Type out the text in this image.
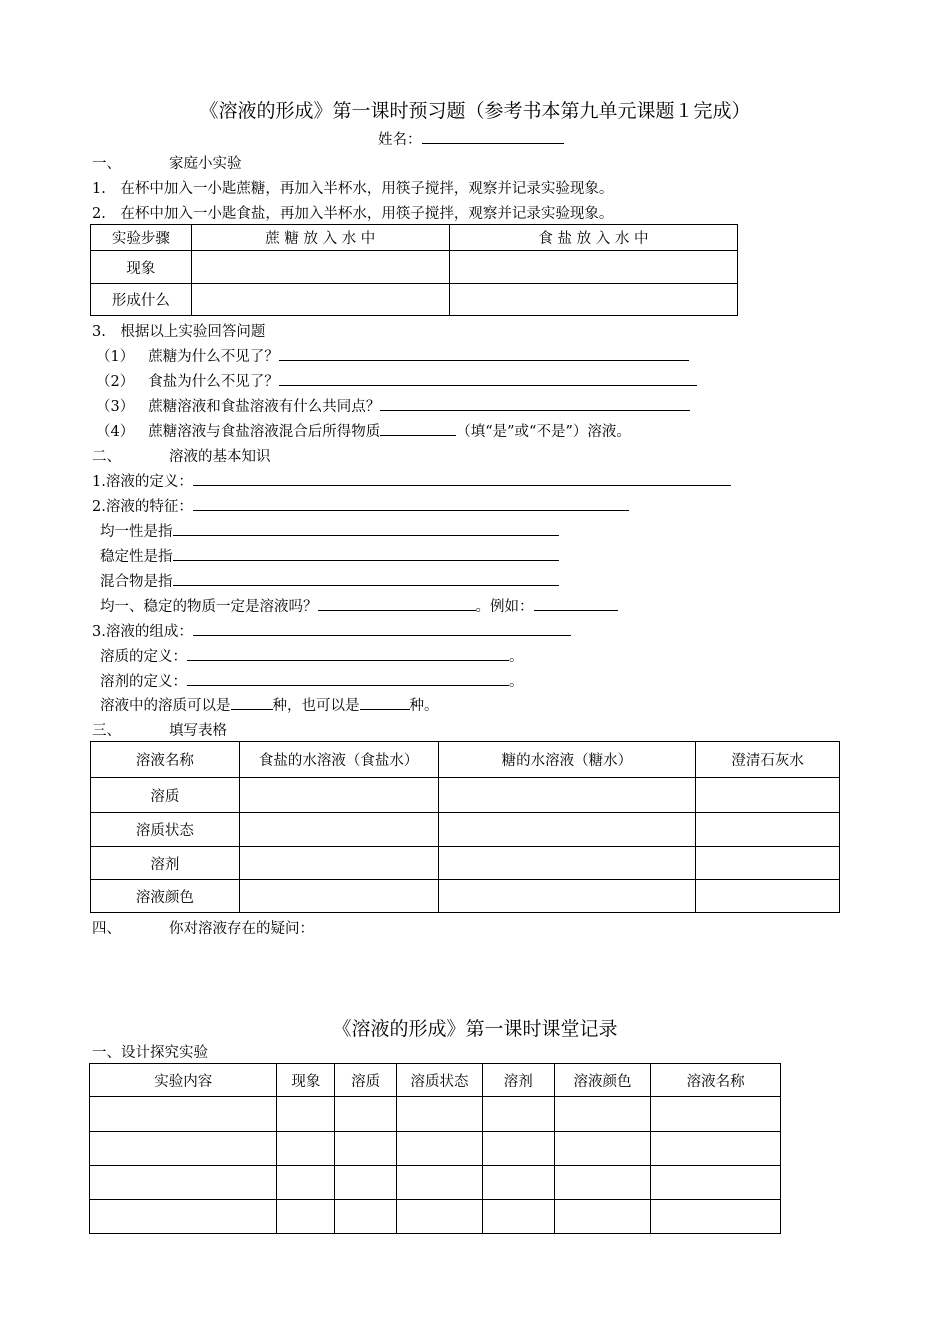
《溶液的形成》第一课时预习题（参考书本第九单元课题１完成）
姓名：
一、	家庭小实验
1.　在杯中加入一小匙蔗糖，再加入半杯水，用筷子搅拌，观察并记录实验现象。
2.　在杯中加入一小匙食盐，再加入半杯水，用筷子搅拌，观察并记录实验现象。
实验步骤	蔗 糖 放 入 水 中	食 盐 放 入 水 中
现象		
形成什么		
3.　根据以上实验回答问题
（1） 蔗糖为什么不见了？
（2） 食盐为什么不见了？
（3） 蔗糖溶液和食盐溶液有什么共同点？
（4） 蔗糖溶液与食盐溶液混合后所得物质	（填“是”或“不是”）溶液。
二、	溶液的基本知识
1.溶液的定义：
2.溶液的特征：
均一性是指
稳定性是指
混合物是指
均一、稳定的物质一定是溶液吗？	。例如：
3.溶液的组成：
溶质的定义：	。
溶剂的定义：	。
溶液中的溶质可以是	种，也可以是	种。
三、	填写表格
溶液名称	食盐的水溶液（食盐水）	糖的水溶液（糖水）	澄清石灰水
溶质			
溶质状态			
溶剂			
溶液颜色			
四、	你对溶液存在的疑问：
《溶液的形成》第一课时课堂记录
一、设计探究实验
实验内容	现象	溶质	溶质状态	溶剂	溶液颜色	溶液名称
